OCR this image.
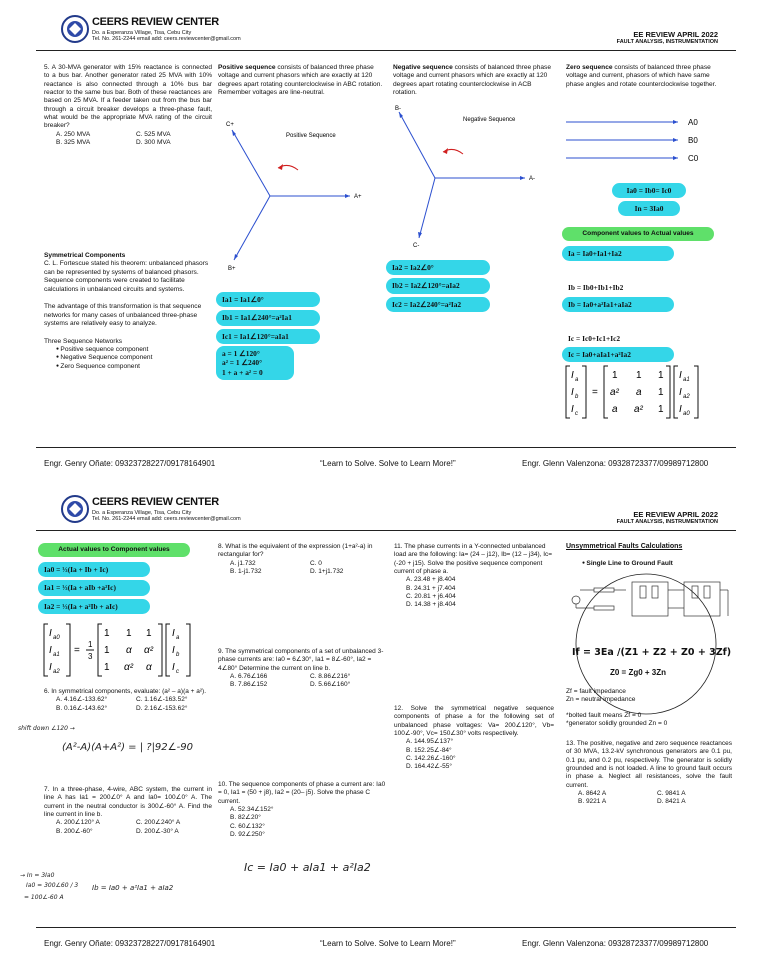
CEERS REVIEW CENTER
Do. a Esperanza Village, Tisa, Cebu City
Tel. No. 261-2244 email add: ceers.reviewcenter@gmail.com
EE REVIEW APRIL 2022
FAULT ANALYSIS, INSTRUMENTATION
5. A 30-MVA generator with 15% reactance is connected to a bus bar. Another generator rated 25 MVA with 10% reactance is also connected through a 10% bus bar reactor to the same bus bar. Both of these reactances are based on 25 MVA. If a feeder taken out from the bus bar through a circuit breaker develops a three-phase fault, what would be the appropriate MVA rating of the circuit breaker?
A. 250 MVA	C. 525 MVA
B. 325 MVA	D. 300 MVA
Symmetrical Components
C. L. Fortescue stated his theorem: unbalanced phasors can be represented by systems of balanced phasors. Sequence components were created to facilitate calculations in unbalanced circuits and systems.
The advantage of this transformation is that sequence networks for many cases of unbalanced three-phase systems are relatively easy to analyze.
Three Sequence Networks
● Positive sequence component
● Negative Sequence component
● Zero Sequence component
Positive sequence consists of balanced three phase voltage and current phasors which are exactly at 120 degrees apart rotating counterclockwise in ABC rotation. Remember voltages are line-neutral.
Positive Sequence
C+
A+
B+
Ia1 = Ia1∠0°
Ib1 = Ia1∠240°=a²Ia1
Ic1 = Ia1∠120°=aIa1
a = 1 ∠120°
a² = 1 ∠240°
1 + a + a² = 0
Negative sequence consists of balanced three phase voltage and current phasors which are exactly at 120 degrees apart rotating counterclockwise in ACB rotation.
Negative Sequence
B-
A-
C-
Ia2 = Ia2∠0°
Ib2 = Ia2∠120°=aIa2
Ic2 = Ia2∠240°=a²Ia2
Zero sequence consists of balanced three phase voltage and current, phasors of which have same phase angles and rotate counterclockwise together.
A0
B0
C0
Ia0 = Ib0= Ic0
In = 3Ia0
Component values to Actual values
Ia = Ia0+Ia1+Ia2
Ib = Ib0+Ib1+Ib2
Ib = Ia0+a²Ia1+aIa2
Ic = Ic0+Ic1+Ic2
Ic = Ia0+aIa1+a²Ia2
I a
I b
I c
=
1 1 1
a² a 1
a a² 1
I a1
I a2
I a0
Engr. Genry Oñate: 09323728227/09178164901	“Learn to Solve. Solve to Learn More!”	Engr. Glenn Valenzona: 09328723377/09989712800
CEERS REVIEW CENTER
Do. a Esperanza Village, Tisa, Cebu City
Tel. No. 261-2244 email add: ceers.reviewcenter@gmail.com
EE REVIEW APRIL 2022
FAULT ANALYSIS, INSTRUMENTATION
Actual values to Component values
Ia0 = ⅓(Ia + Ib + Ic)
Ia1 = ⅓(Ia + aIb +a²Ic)
Ia2 = ⅓(Ia + a²Ib + aIc)
I a0
I a1
I a2
=
1
3
1 1 1
1 α α²
1 α² α
I a
I b
I c
6. In symmetrical components, evaluate: (a² – a)(a + a²).
A. 4.16∠-133.62°	C. 1.16∠-163.52°
B. 0.16∠-143.62°	D. 2.16∠-153.62°
shift down ∠120 →
(A²-A)(A+A²) = | ?|92∠-90
7. In a three-phase, 4-wire, ABC system, the current in line A has Ia1 = 200∠0° A and Ia0= 100∠0° A. The current in the neutral conductor is 300∠-60° A. Find the line current in line b.
A. 200∠120° A	C. 200∠240° A
B. 200∠-60°	D. 200∠-30° A
→ In = 3Ia0
Ia0 = 300∠60 / 3
= 100∠-60 A
Ib = Ia0 + a²Ia1 + aIa2
8. What is the equivalent of the expression (1+a²-a) in rectangular for?
A. j1.732	C. 0
B. 1-j1.732	D. 1+j1.732
9. The symmetrical components of a set of unbalanced 3-phase currents are: Ia0 = 6∠30°, Ia1 = 8∠-60°, Ia2 = 4∠80° Determine the current on line b.
A. 6.76∠166	C. 8.86∠216°
B. 7.86∠152	D. 5.66∠160°
10. The sequence components of phase a current are: Ia0 = 0, Ia1 = (50 + j8), Ia2 = (20– j5). Solve the phase C current.
A. 52.34∠152°
B. 82∠20°
C. 60∠132°
D. 92∠250°
Ic = Ia0 + aIa1 + a²Ia2
11. The phase currents in a Y-connected unbalanced load are the following: Ia= (24 – j12), Ib= (12 – j34), Ic= (-20 + j15). Solve the positive sequence component current of phase a.
A. 23.48 + j8.404
B. 24.31 + j7.404
C. 20.81 + j6.404
D. 14.38 + j8.404
12. Solve the symmetrical negative sequence components of phase a for the following set of unbalanced phase voltages: Va= 200∠120°, Vb= 100∠-90°, Vc= 150∠30° volts respectively.
A. 144.95∠137°
B. 152.25∠-84°
C. 142.26∠-160°
D. 164.42∠-55°
Unsymmetrical Faults Calculations
● Single Line to Ground Fault
If = 3Ea /(Z1 + Z2 + Z0 + 3Zf)
Z0 = Zg0 + 3Zn
Zf = fault impedance
Zn = neutral impedance
*bolted fault means Zf = 0
*generator solidly grounded Zn = 0
13. The positive, negative and zero sequence reactances of 30 MVA, 13.2-kV synchronous generators are 0.1 pu, 0.1 pu, and 0.2 pu, respectively. The generator is solidly grounded and is not loaded. A line to ground fault occurs in phase a. Neglect all resistances, solve the fault current.
A. 8642 A	C. 9841 A
B. 9221 A	D. 8421 A
Engr. Genry Oñate: 09323728227/09178164901	“Learn to Solve. Solve to Learn More!”	Engr. Glenn Valenzona: 09328723377/09989712800
